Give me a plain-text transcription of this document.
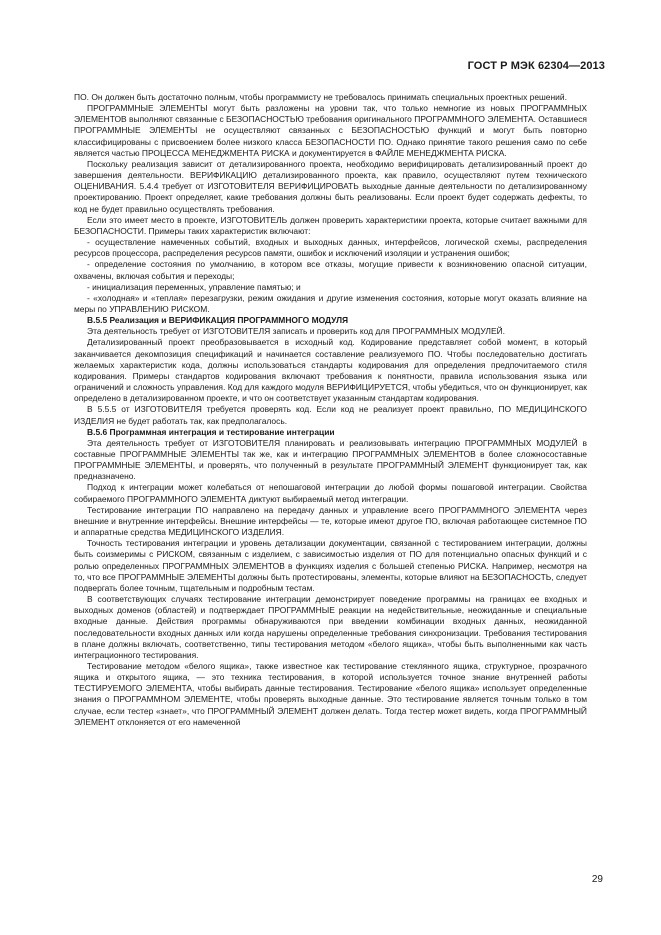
ГОСТ Р МЭК 62304—2013

ПО. Он должен быть достаточно полным, чтобы программисту не требовалось принимать специальных проектных решений.

ПРОГРАММНЫЕ ЭЛЕМЕНТЫ могут быть разложены на уровни так, что только немногие из новых ПРОГРАММНЫХ ЭЛЕМЕНТОВ выполняют связанные с БЕЗОПАСНОСТЬЮ требования оригинального ПРОГРАММНОГО ЭЛЕМЕНТА. Оставшиеся ПРОГРАММНЫЕ ЭЛЕМЕНТЫ не осуществляют связанных с БЕЗОПАСНОСТЬЮ функций и могут быть повторно классифицированы с присвоением более низкого класса БЕЗОПАСНОСТИ ПО. Однако принятие такого решения само по себе является частью ПРОЦЕССА МЕНЕДЖМЕНТА РИСКА и документируется в ФАЙЛЕ МЕНЕДЖМЕНТА РИСКА.

Поскольку реализация зависит от детализированного проекта, необходимо верифицировать детализированный проект до завершения деятельности. ВЕРИФИКАЦИЮ детализированного проекта, как правило, осуществляют путем технического ОЦЕНИВАНИЯ. 5.4.4 требует от ИЗГОТОВИТЕЛЯ ВЕРИФИЦИРОВАТЬ выходные данные деятельности по детализированному проектированию. Проект определяет, какие требования должны быть реализованы. Если проект будет содержать дефекты, то код не будет правильно осуществлять требования.

Если это имеет место в проекте, ИЗГОТОВИТЕЛЬ должен проверить характеристики проекта, которые считает важными для БЕЗОПАСНОСТИ. Примеры таких характеристик включают:

- осуществление намеченных событий, входных и выходных данных, интерфейсов, логической схемы, распределения ресурсов процессора, распределения ресурсов памяти, ошибок и исключений изоляции и устранения ошибок;

- определение состояния по умолчанию, в котором все отказы, могущие привести к возникновению опасной ситуации, охвачены, включая события и переходы;

- инициализация переменных, управление памятью; и

- «холодная» и «теплая» перезагрузки, режим ожидания и другие изменения состояния, которые могут оказать влияние на меры по УПРАВЛЕНИЮ РИСКОМ.

В.5.5 Реализация и ВЕРИФИКАЦИЯ ПРОГРАММНОГО МОДУЛЯ

Эта деятельность требует от ИЗГОТОВИТЕЛЯ записать и проверить код для ПРОГРАММНЫХ МОДУЛЕЙ.

Детализированный проект преобразовывается в исходный код. Кодирование представляет собой момент, в который заканчивается декомпозиция спецификаций и начинается составление реализуемого ПО. Чтобы последовательно достигать желаемых характеристик кода, должны использоваться стандарты кодирования для определения предпочитаемого стиля кодирования. Примеры стандартов кодирования включают требования к понятности, правила использования языка или ограничений и сложность управления. Код для каждого модуля ВЕРИФИЦИРУЕТСЯ, чтобы убедиться, что он функционирует, как определено в детализированном проекте, и что он соответствует указанным стандартам кодирования.

В 5.5.5 от ИЗГОТОВИТЕЛЯ требуется проверять код. Если код не реализует проект правильно, ПО МЕДИЦИНСКОГО ИЗДЕЛИЯ не будет работать так, как предполагалось.

В.5.6 Программная интеграция и тестирование интеграции

Эта деятельность требует от ИЗГОТОВИТЕЛЯ планировать и реализовывать интеграцию ПРОГРАММНЫХ МОДУЛЕЙ в составные ПРОГРАММНЫЕ ЭЛЕМЕНТЫ так же, как и интеграцию ПРОГРАММНЫХ ЭЛЕМЕНТОВ в более сложносоставные ПРОГРАММНЫЕ ЭЛЕМЕНТЫ, и проверять, что полученный в результате ПРОГРАММНЫЙ ЭЛЕМЕНТ функционирует так, как предназначено.

Подход к интеграции может колебаться от непошаговой интеграции до любой формы пошаговой интеграции. Свойства собираемого ПРОГРАММНОГО ЭЛЕМЕНТА диктуют выбираемый метод интеграции.

Тестирование интеграции ПО направлено на передачу данных и управление всего ПРОГРАММНОГО ЭЛЕМЕНТА через внешние и внутренние интерфейсы. Внешние интерфейсы — те, которые имеют другое ПО, включая работающее системное ПО и аппаратные средства МЕДИЦИНСКОГО ИЗДЕЛИЯ.

Точность тестирования интеграции и уровень детализации документации, связанной с тестированием интеграции, должны быть соизмеримы с РИСКОМ, связанным с изделием, с зависимостью изделия от ПО для потенциально опасных функций и с ролью определенных ПРОГРАММНЫХ ЭЛЕМЕНТОВ в функциях изделия с большей степенью РИСКА. Например, несмотря на то, что все ПРОГРАММНЫЕ ЭЛЕМЕНТЫ должны быть протестированы, элементы, которые влияют на БЕЗОПАСНОСТЬ, следует подвергать более точным, тщательным и подробным тестам.

В соответствующих случаях тестирование интеграции демонстрирует поведение программы на границах ее входных и выходных доменов (областей) и подтверждает ПРОГРАММНЫЕ реакции на недействительные, неожиданные и специальные входные данные. Действия программы обнаруживаются при введении комбинации входных данных, неожиданной последовательности входных данных или когда нарушены определенные требования синхронизации. Требования тестирования в плане должны включать, соответственно, типы тестирования методом «белого ящика», чтобы быть выполненными как часть интеграционного тестирования.

Тестирование методом «белого ящика», также известное как тестирование стеклянного ящика, структурное, прозрачного ящика и открытого ящика, — это техника тестирования, в которой используется точное знание внутренней работы ТЕСТИРУЕМОГО ЭЛЕМЕНТА, чтобы выбирать данные тестирования. Тестирование «белого ящика» использует определенные знания о ПРОГРАММНОМ ЭЛЕМЕНТЕ, чтобы проверять выходные данные. Это тестирование является точным только в том случае, если тестер «знает», что ПРОГРАММНЫЙ ЭЛЕМЕНТ должен делать. Тогда тестер может видеть, когда ПРОГРАММНЫЙ ЭЛЕМЕНТ отклоняется от его намеченной

29
